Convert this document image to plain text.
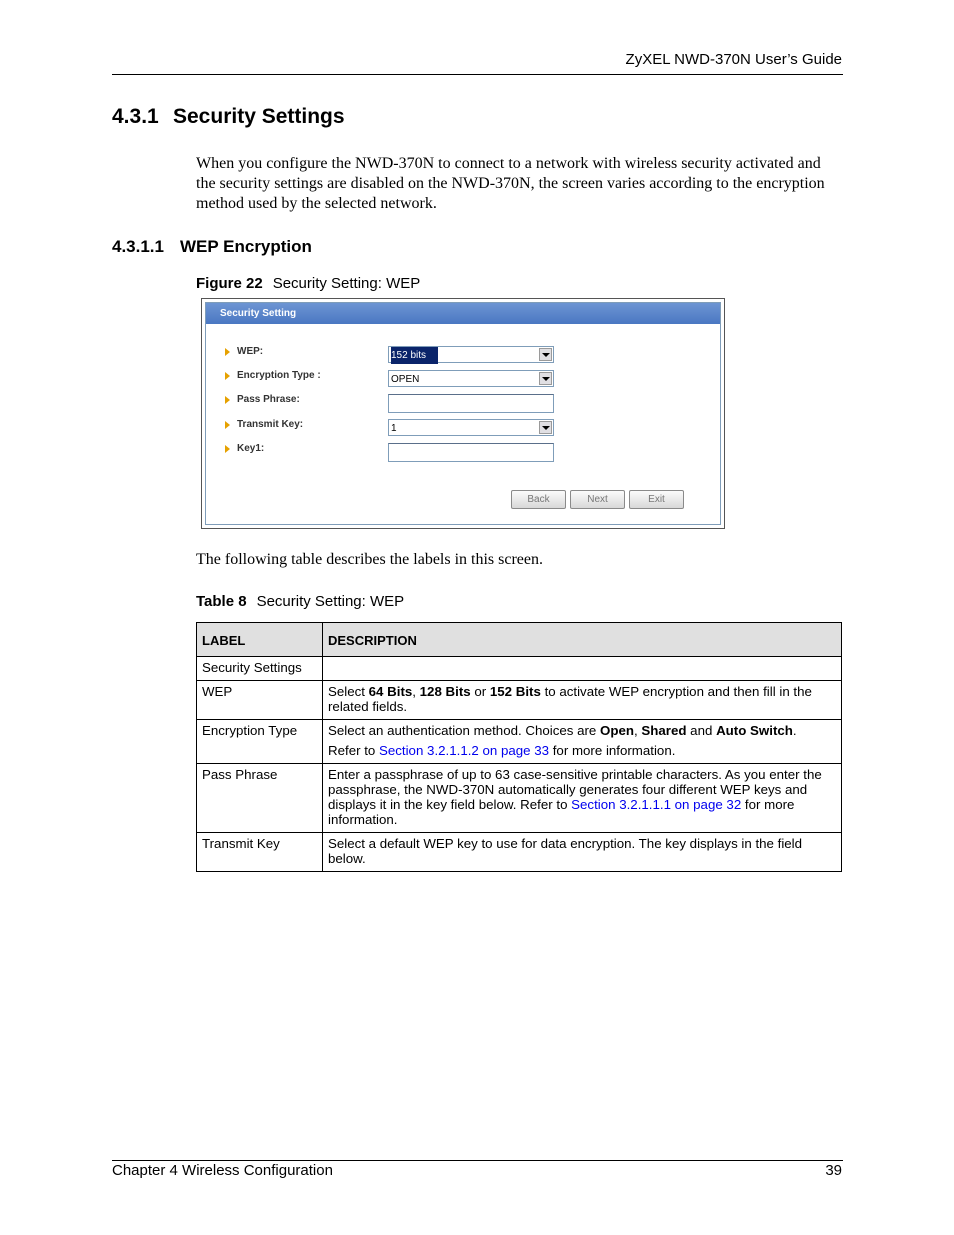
ZyXEL NWD-370N User’s Guide
4.3.1 Security Settings
When you configure the NWD-370N to connect to a network with wireless security activated and the security settings are disabled on the NWD-370N, the screen varies according to the encryption method used by the selected network.
4.3.1.1 WEP Encryption
Figure 22 Security Setting: WEP
Security Setting
WEP:	152 bits
Encryption Type :	OPEN
Pass Phrase:
Transmit Key:	1
Key1:
Back	Next	Exit
The following table describes the labels in this screen.
Table 8 Security Setting: WEP
LABEL	DESCRIPTION
Security Settings	
WEP	Select 64 Bits, 128 Bits or 152 Bits to activate WEP encryption and then fill in the related fields.
Encryption Type	Select an authentication method. Choices are Open, Shared and Auto Switch.

Refer to Section 3.2.1.1.2 on page 33 for more information.

Pass Phrase	Enter a passphrase of up to 63 case-sensitive printable characters. As you enter the passphrase, the NWD-370N automatically generates four different WEP keys and displays it in the key field below. Refer to Section 3.2.1.1.1 on page 32 for more information.
Transmit Key	Select a default WEP key to use for data encryption. The key displays in the field below.
Chapter 4 Wireless Configuration	39
